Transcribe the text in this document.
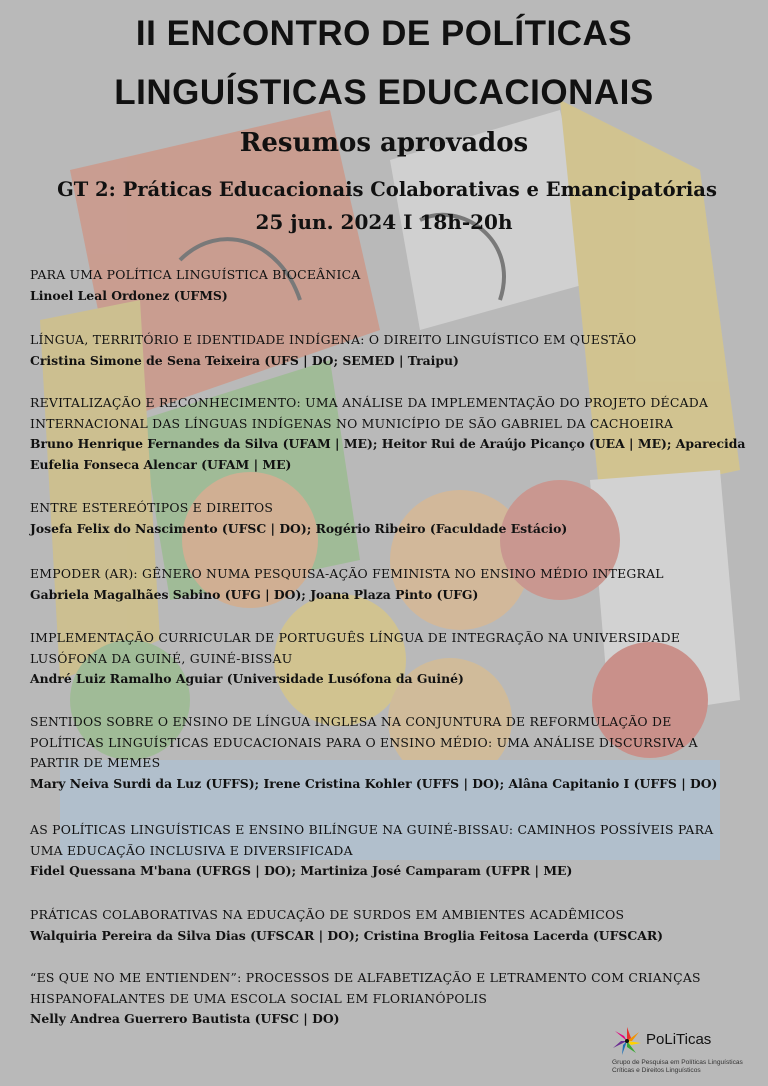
II ENCONTRO DE POLÍTICAS
LINGUÍSTICAS EDUCACIONAIS
Resumos aprovados
GT 2: Práticas Educacionais Colaborativas e Emancipatórias
25 jun. 2024 I 18h-20h
PARA UMA POLÍTICA LINGUÍSTICA BIOCEÂNICA
Linoel Leal Ordonez (UFMS)
LÍNGUA, TERRITÓRIO E IDENTIDADE INDÍGENA: O DIREITO LINGUÍSTICO EM QUESTÃO
Cristina Simone de Sena Teixeira (UFS | DO; SEMED | Traipu)
REVITALIZAÇÃO E RECONHECIMENTO: UMA ANÁLISE DA IMPLEMENTAÇÃO DO PROJETO DÉCADA
INTERNACIONAL DAS LÍNGUAS INDÍGENAS NO MUNICÍPIO DE SÃO GABRIEL DA CACHOEIRA
Bruno Henrique Fernandes da Silva (UFAM | ME); Heitor Rui de Araújo Picanço (UEA | ME); Aparecida
Eufelia Fonseca Alencar (UFAM | ME)
ENTRE ESTEREÓTIPOS E DIREITOS
Josefa Felix do Nascimento (UFSC | DO); Rogério Ribeiro (Faculdade Estácio)
EMPODER (AR): GÊNERO NUMA PESQUISA-AÇÃO FEMINISTA NO ENSINO MÉDIO INTEGRAL
Gabriela Magalhães Sabino (UFG | DO); Joana Plaza Pinto (UFG)
IMPLEMENTAÇÃO CURRICULAR DE PORTUGUÊS LÍNGUA DE INTEGRAÇÃO NA UNIVERSIDADE
LUSÓFONA DA GUINÉ, GUINÉ-BISSAU
André Luiz Ramalho Aguiar (Universidade Lusófona da Guiné)
SENTIDOS SOBRE O ENSINO DE LÍNGUA INGLESA NA CONJUNTURA DE REFORMULAÇÃO DE
POLÍTICAS LINGUÍSTICAS EDUCACIONAIS PARA O ENSINO MÉDIO: UMA ANÁLISE DISCURSIVA A
PARTIR DE MEMES
Mary Neiva Surdi da Luz (UFFS); Irene Cristina Kohler (UFFS | DO); Alâna Capitanio I (UFFS | DO)
AS POLÍTICAS LINGUÍSTICAS E ENSINO BILÍNGUE NA GUINÉ-BISSAU: CAMINHOS POSSÍVEIS PARA
UMA EDUCAÇÃO INCLUSIVA E DIVERSIFICADA
Fidel Quessana M'bana (UFRGS | DO); Martiniza José Camparam (UFPR | ME)
PRÁTICAS COLABORATIVAS NA EDUCAÇÃO DE SURDOS EM AMBIENTES ACADÊMICOS
Walquiria Pereira da Silva Dias (UFSCAR | DO); Cristina Broglia Feitosa Lacerda (UFSCAR)
“ES QUE NO ME ENTIENDEN”: PROCESSOS DE ALFABETIZAÇÃO E LETRAMENTO COM CRIANÇAS
HISPANOFALANTES DE UMA ESCOLA SOCIAL EM FLORIANÓPOLIS
Nelly Andrea Guerrero Bautista (UFSC | DO)
PoLiTicas
Grupo de Pesquisa em Políticas Linguísticas
Críticas e Direitos Linguísticos
